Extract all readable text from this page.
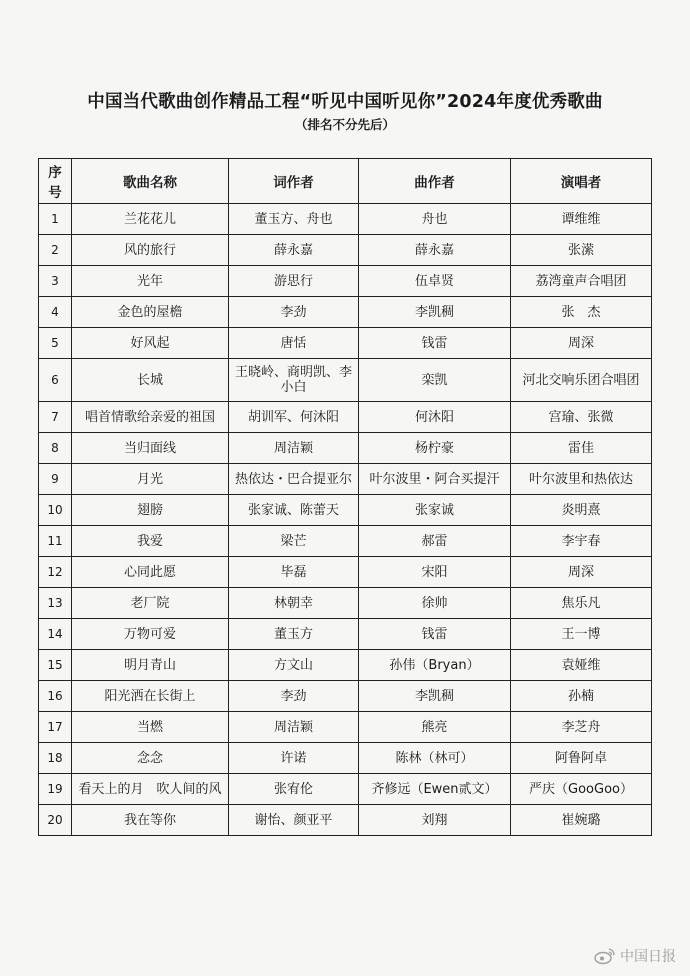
中国当代歌曲创作精品工程“听见中国听见你”2024年度优秀歌曲
（排名不分先后）
序号	歌曲名称	词作者	曲作者	演唱者
1	兰花花儿	董玉方、舟也	舟也	谭维维
2	风的旅行	薛永嘉	薛永嘉	张潆
3	光年	游思行	伍卓贤	荔湾童声合唱团
4	金色的屋檐	李劲	李凯稠	张　杰
5	好风起	唐恬	钱雷	周深
6	长城	王晓岭、商明凯、李小白	栾凯	河北交响乐团合唱团
7	唱首情歌给亲爱的祖国	胡训军、何沐阳	何沐阳	宫瑜、张微
8	当归面线	周洁颖	杨柠豪	雷佳
9	月光	热依达・巴合提亚尔	叶尔波里・阿合买提汗	叶尔波里和热依达
10	翅膀	张家诚、陈蕾天	张家诚	炎明熹
11	我爱	梁芒	郝雷	李宇春
12	心同此愿	毕磊	宋阳	周深
13	老厂院	林朝幸	徐帅	焦乐凡
14	万物可爱	董玉方	钱雷	王一博
15	明月青山	方文山	孙伟（Bryan）	袁娅维
16	阳光洒在长街上	李劲	李凯稠	孙楠
17	当燃	周洁颖	熊亮	李芝舟
18	念念	许诺	陈林（林可）	阿鲁阿卓
19	看天上的月　吹人间的风	张宥伦	齐修远（Ewen贰文）	严庆（GooGoo）
20	我在等你	谢怡、颜亚平	刘翔	崔婉璐
中国日报
